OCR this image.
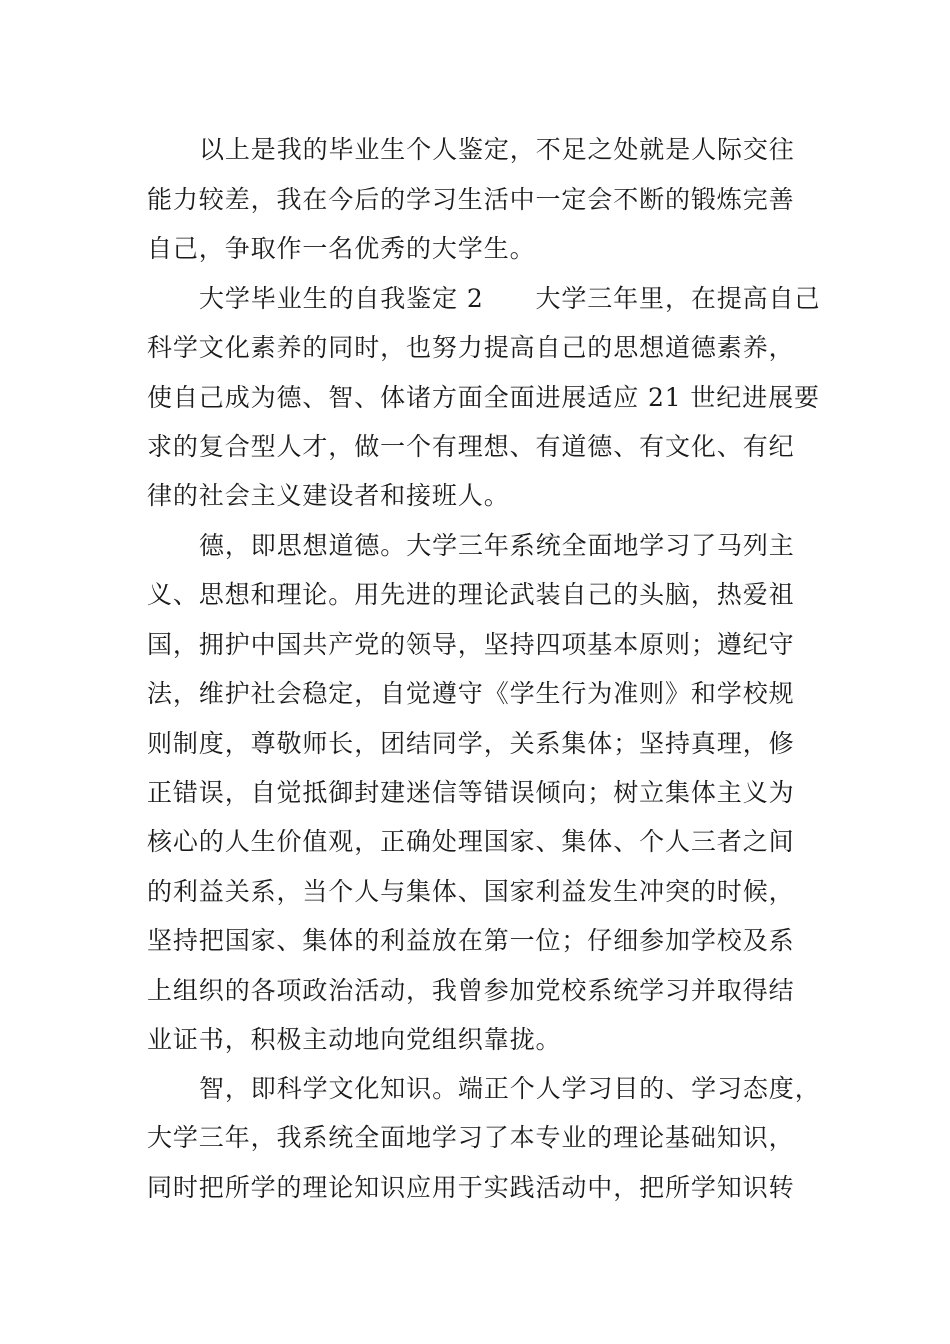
以上是我的毕业生个人鉴定，不足之处就是人际交往
能力较差，我在今后的学习生活中一定会不断的锻炼完善
自己，争取作一名优秀的大学生。
大学毕业生的自我鉴定 2　　大学三年里，在提高自己
科学文化素养的同时，也努力提高自己的思想道德素养，
使自己成为德、智、体诸方面全面进展适应 21 世纪进展要
求的复合型人才，做一个有理想、有道德、有文化、有纪
律的社会主义建设者和接班人。
德，即思想道德。大学三年系统全面地学习了马列主
义、思想和理论。用先进的理论武装自己的头脑，热爱祖
国，拥护中国共产党的领导，坚持四项基本原则；遵纪守
法，维护社会稳定，自觉遵守《学生行为准则》和学校规
则制度，尊敬师长，团结同学，关系集体；坚持真理，修
正错误，自觉抵御封建迷信等错误倾向；树立集体主义为
核心的人生价值观，正确处理国家、集体、个人三者之间
的利益关系，当个人与集体、国家利益发生冲突的时候，
坚持把国家、集体的利益放在第一位；仔细参加学校及系
上组织的各项政治活动，我曾参加党校系统学习并取得结
业证书，积极主动地向党组织靠拢。
智，即科学文化知识。端正个人学习目的、学习态度，
大学三年，我系统全面地学习了本专业的理论基础知识，
同时把所学的理论知识应用于实践活动中，把所学知识转
